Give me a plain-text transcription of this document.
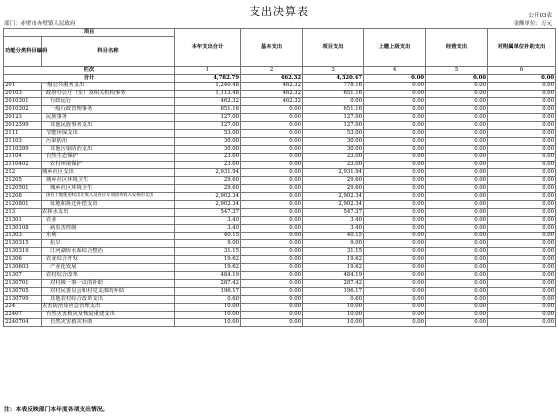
支出决算表	公开03表
部门：赤壁市赤壁镇人民政府	金额单位：万元
项目		本年支出合计	基本支出	项目支出	上缴上级支出	经营支出	对附属单位补助支出
功能分类科目编码	科目名称						

栏次		1	2	3	4	5	6
合计		4,782.79	462.32	4,320.47	0.00	0.00	0.00
201	一般公共服务支出	1,240.48	462.32	778.16	0.00	0.00	0.00
20103	政府办公厅（室）及相关机构事务	1,113.48	462.32	651.16	0.00	0.00	0.00
2010301	行政运行	462.32	462.32	0.00	0.00	0.00	0.00
2010302	一般行政管理事务	651.16	0.00	651.16	0.00	0.00	0.00
20123	民族事务	127.00	0.00	127.00	0.00	0.00	0.00
2012399	其他民族事务支出	127.00	0.00	127.00	0.00	0.00	0.00
2111	节能环保支出	53.00	0.00	53.00	0.00	0.00	0.00
21103	污染防治	30.00	0.00	30.00	0.00	0.00	0.00
2110399	其他污染防治支出	30.00	0.00	30.00	0.00	0.00	0.00
21104	自然生态保护	23.00	0.00	23.00	0.00	0.00	0.00
2110402	农村环境保护	23.00	0.00	23.00	0.00	0.00	0.00
212	城乡社区支出	2,931.94	0.00	2,931.94	0.00	0.00	0.00
21205	城乡社区环境卫生	29.60	0.00	29.60	0.00	0.00	0.00
2120501	城乡社区环境卫生	29.60	0.00	29.60	0.00	0.00	0.00
21208	国有土地使用权出让收入及对应专项债务收入安排的支出	2,902.34	0.00	2,902.34	0.00	0.00	0.00
2120801	征地和拆迁补偿支出	2,902.34	0.00	2,902.34	0.00	0.00	0.00
213	农林水支出	547.37	0.00	547.37	0.00	0.00	0.00
21301	农业	3.40	0.00	3.40	0.00	0.00	0.00
2130108	病虫害控制	3.40	0.00	3.40	0.00	0.00	0.00
21303	水利	40.15	0.00	40.15	0.00	0.00	0.00
2130315	抗旱	9.00	0.00	9.00	0.00	0.00	0.00
2130319	江河湖库水系综合整治	31.15	0.00	31.15	0.00	0.00	0.00
21306	农业综合开发	19.62	0.00	19.62	0.00	0.00	0.00
2130603	产业化发展	19.62	0.00	19.62	0.00	0.00	0.00
21307	农村综合改革	484.19	0.00	484.19	0.00	0.00	0.00
2130701	对村级一事一议的补助	287.42	0.00	287.42	0.00	0.00	0.00
2130705	对村民委员会和村党支部的补助	196.17	0.00	196.17	0.00	0.00	0.00
2130799	其他农村综合改革支出	0.60	0.00	0.60	0.00	0.00	0.00
224	灾害防治及应急管理支出	10.00	0.00	10.00	0.00	0.00	0.00
22407	自然灾害救灾及恢复重建支出	10.00	0.00	10.00	0.00	0.00	0.00
2240704	自然灾害救灾补助	10.00	0.00	10.00	0.00	0.00	0.00
注：本表反映部门本年度各项支出情况。
